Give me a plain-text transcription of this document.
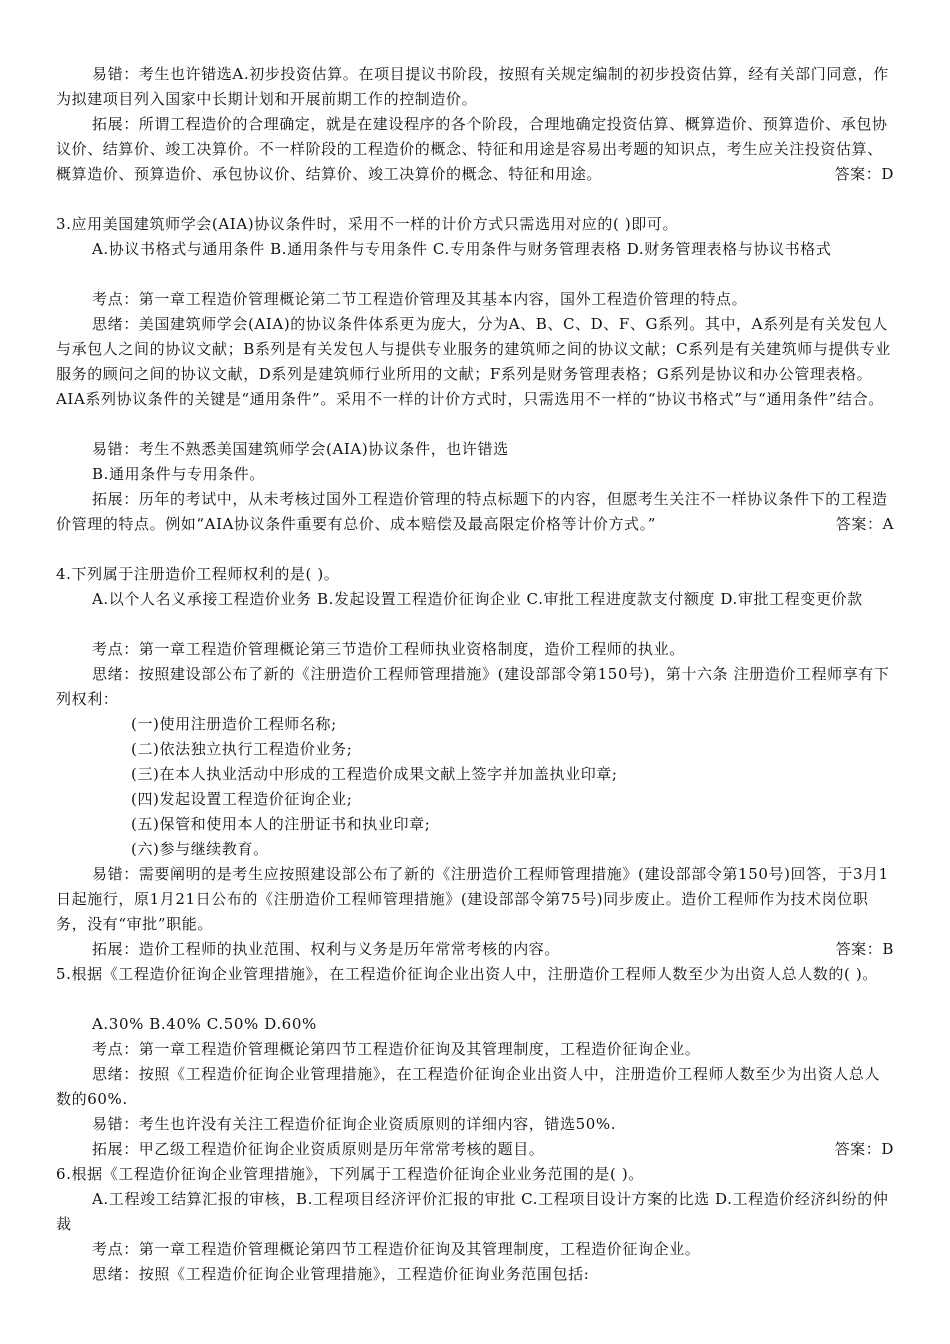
易错：考生也许错选A.初步投资估算。在项目提议书阶段，按照有关规定编制的初步投资估算，经有关部门同意，作为拟建项目列入国家中长期计划和开展前期工作的控制造价。

拓展：所谓工程造价的合理确定，就是在建设程序的各个阶段，合理地确定投资估算、概算造价、预算造价、承包协议价、结算价、竣工决算价。不一样阶段的工程造价的概念、特征和用途是容易出考题的知识点，考生应关注投资估算、概算造价、预算造价、承包协议价、结算价、竣工决算价的概念、特征和用途。	答案：D

3.应用美国建筑师学会(AIA)协议条件时，采用不一样的计价方式只需选用对应的( )即可。

A.协议书格式与通用条件 B.通用条件与专用条件 C.专用条件与财务管理表格 D.财务管理表格与协议书格式

考点：第一章工程造价管理概论第二节工程造价管理及其基本内容，国外工程造价管理的特点。

思绪：美国建筑师学会(AIA)的协议条件体系更为庞大，分为A、B、C、D、F、G系列。其中，A系列是有关发包人与承包人之间的协议文献；B系列是有关发包人与提供专业服务的建筑师之间的协议文献；C系列是有关建筑师与提供专业服务的顾问之间的协议文献，D系列是建筑师行业所用的文献；F系列是财务管理表格；G系列是协议和办公管理表格。AIA系列协议条件的关键是“通用条件”。采用不一样的计价方式时，只需选用不一样的“协议书格式”与“通用条件”结合。

易错：考生不熟悉美国建筑师学会(AIA)协议条件，也许错选

B.通用条件与专用条件。

拓展：历年的考试中，从未考核过国外工程造价管理的特点标题下的内容，但愿考生关注不一样协议条件下的工程造价管理的特点。例如“AIA协议条件重要有总价、成本赔偿及最高限定价格等计价方式。”	答案：A

4.下列属于注册造价工程师权利的是( )。

A.以个人名义承接工程造价业务 B.发起设置工程造价征询企业 C.审批工程进度款支付额度 D.审批工程变更价款

考点：第一章工程造价管理概论第三节造价工程师执业资格制度，造价工程师的执业。

思绪：按照建设部公布了新的《注册造价工程师管理措施》(建设部部令第150号)，第十六条 注册造价工程师享有下列权利：

(一)使用注册造价工程师名称;

(二)依法独立执行工程造价业务;

(三)在本人执业活动中形成的工程造价成果文献上签字并加盖执业印章;

(四)发起设置工程造价征询企业;

(五)保管和使用本人的注册证书和执业印章;

(六)参与继续教育。

易错：需要阐明的是考生应按照建设部公布了新的《注册造价工程师管理措施》(建设部部令第150号)回答，于3月1日起施行，原1月21日公布的《注册造价工程师管理措施》(建设部部令第75号)同步废止。造价工程师作为技术岗位职务，没有“审批”职能。

拓展：造价工程师的执业范围、权利与义务是历年常常考核的内容。	答案：B

5.根据《工程造价征询企业管理措施》，在工程造价征询企业出资人中，注册造价工程师人数至少为出资人总人数的( )。

A.30% B.40% C.50% D.60%

考点：第一章工程造价管理概论第四节工程造价征询及其管理制度，工程造价征询企业。

思绪：按照《工程造价征询企业管理措施》，在工程造价征询企业出资人中，注册造价工程师人数至少为出资人总人数的60%.

易错：考生也许没有关注工程造价征询企业资质原则的详细内容，错选50%.

拓展：甲乙级工程造价征询企业资质原则是历年常常考核的题目。	答案：D

6.根据《工程造价征询企业管理措施》，下列属于工程造价征询企业业务范围的是( )。

A.工程竣工结算汇报的审核，B.工程项目经济评价汇报的审批 C.工程项目设计方案的比选 D.工程造价经济纠纷的仲裁

考点：第一章工程造价管理概论第四节工程造价征询及其管理制度，工程造价征询企业。

思绪：按照《工程造价征询企业管理措施》，工程造价征询业务范围包括:
